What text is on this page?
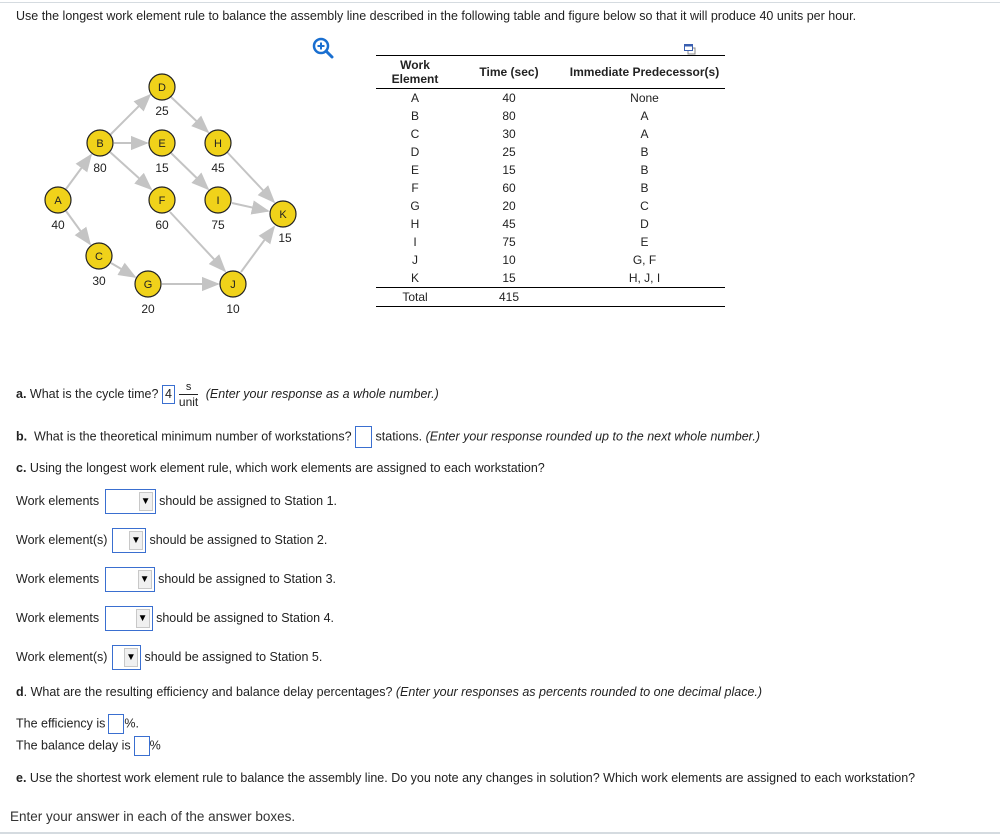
Use the longest work element rule to balance the assembly line described in the following table and figure below so that it will produce 40 units per hour.
A
B
C
D
E
F
G
H
I
J
K
40
80
30
25
15
60
20
45
75
10
15
Work
Element	Time (sec)	Immediate Predecessor(s)
A	40	None
B	80	A
C	30	A
D	25	B
E	15	B
F	60	B
G	20	C
H	45	D
I	75	E
J	10	G, F
K	15	H, J, I
Total	415	
a. What is the cycle time? $4 \frac{s}{\text{unit}}$ (Enter your response as a whole number.)
b.  What is the theoretical minimum number of workstations? stations. (Enter your response rounded up to the next whole number.)
c. Using the longest work element rule, which work elements are assigned to each workstation?
Work elements	▼ should be assigned to Station 1.
Work element(s) ▼ should be assigned to Station 2.
Work elements	▼ should be assigned to Station 3.
Work elements	▼ should be assigned to Station 4.
Work element(s) ▼ should be assigned to Station 5.
d. What are the resulting efficiency and balance delay percentages? (Enter your responses as percents rounded to one decimal place.)
The efficiency is %.
The balance delay is %
e. Use the shortest work element rule to balance the assembly line. Do you note any changes in solution? Which work elements are assigned to each workstation?
Enter your answer in each of the answer boxes.
